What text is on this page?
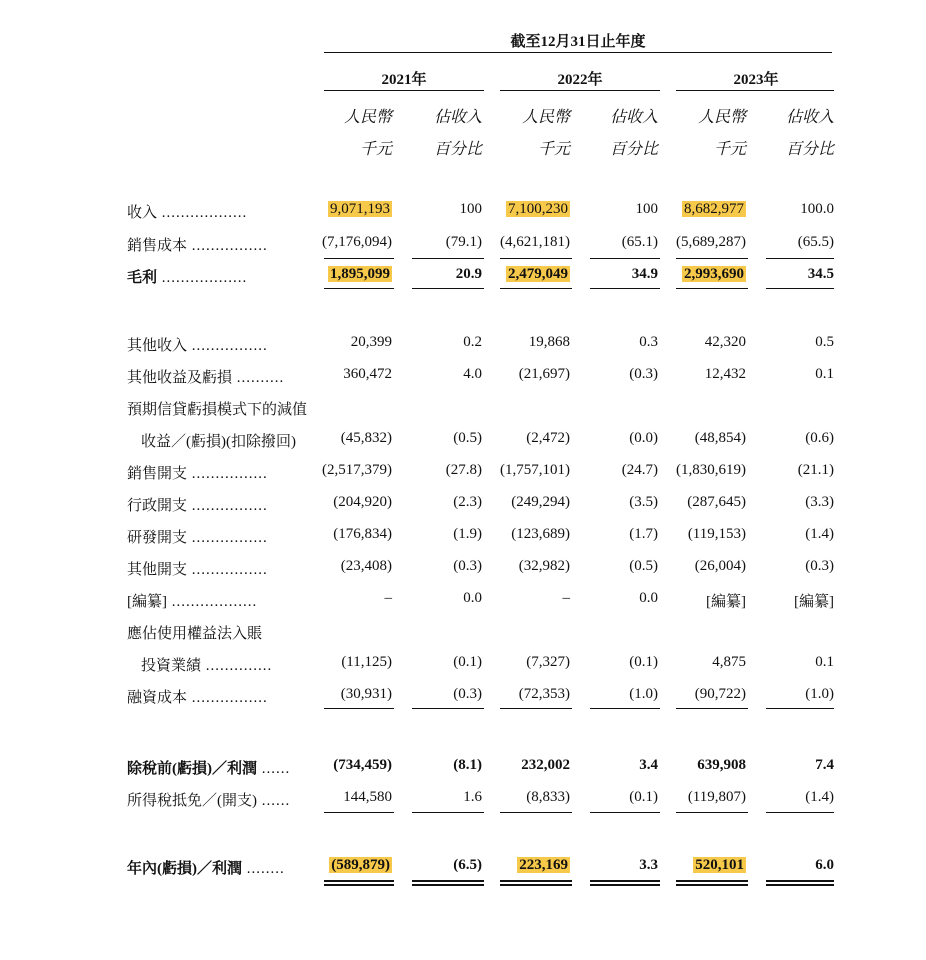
截至12月31日止年度
2021年	2022年	2023年
人民幣	佔收入	人民幣	佔收入	人民幣	佔收入
千元	百分比	千元	百分比	千元	百分比
收入 ..................	9,071,193	100 7,100,230	100 8,682,977	100.0
銷售成本 ................	(7,176,094)	(79.1) (4,621,181)	(65.1) (5,689,287)	(65.5)
毛利 ..................	1,895,099	20.9 2,479,049	34.9 2,993,690	34.5
其他收入 ................	20,399	0.2	19,868	0.3	42,320	0.5
其他收益及虧損 ..........	360,472	4.0 (21,697)	(0.3)	12,432	0.1
預期信貸虧損模式下的減值
收益／(虧損)(扣除撥回)	(45,832)	(0.5)	(2,472)	(0.0) (48,854)	(0.6)
銷售開支 ................	(2,517,379)	(27.8) (1,757,101)	(24.7) (1,830,619)	(21.1)
行政開支 ................	(204,920)	(2.3) (249,294)	(3.5) (287,645)	(3.3)
研發開支 ................	(176,834)	(1.9) (123,689)	(1.7) (119,153)	(1.4)
其他開支 ................	(23,408)	(0.3) (32,982)	(0.5) (26,004)	(0.3)
[編纂] ..................	–	0.0	–	0.0	[編纂]	[編纂]
應佔使用權益法入賬
投資業績 ..............	(11,125)	(0.1)	(7,327)	(0.1)	4,875	0.1
融資成本 ................	(30,931)	(0.3) (72,353)	(1.0) (90,722)	(1.0)
除稅前(虧損)／利潤 ......	(734,459)	(8.1)	232,002	3.4	639,908	7.4
所得稅抵免／(開支) ......	144,580	1.6	(8,833)	(0.1) (119,807)	(1.4)
年內(虧損)／利潤 ........	(589,879)	(6.5) 223,169	3.3 520,101	6.0
